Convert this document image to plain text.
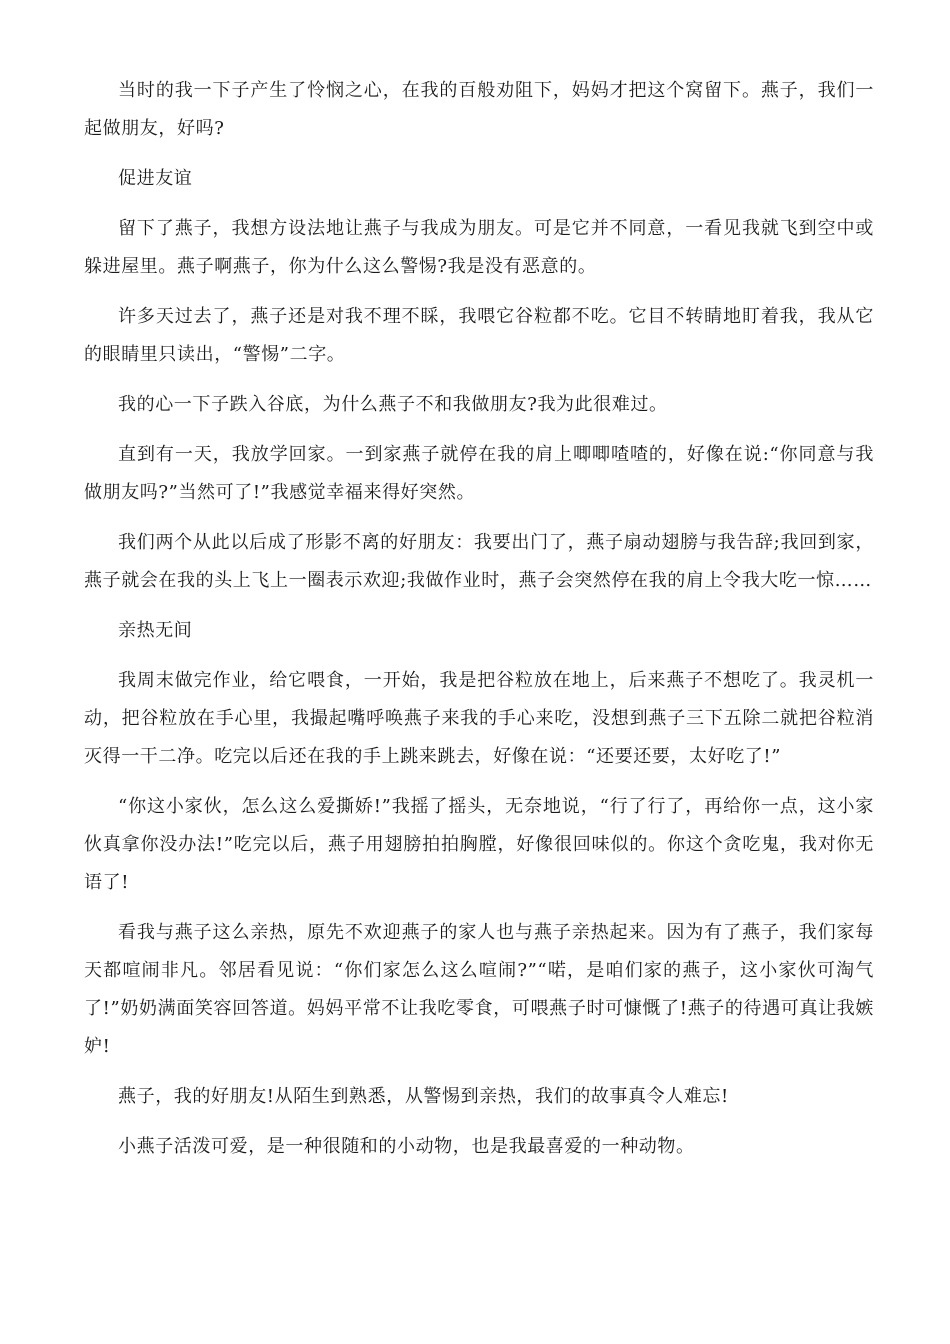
当时的我一下子产生了怜悯之心，在我的百般劝阻下，妈妈才把这个窝留下。燕子，我们一起做朋友，好吗?

促进友谊

留下了燕子，我想方设法地让燕子与我成为朋友。可是它并不同意，一看见我就飞到空中或躲进屋里。燕子啊燕子，你为什么这么警惕?我是没有恶意的。

许多天过去了，燕子还是对我不理不睬，我喂它谷粒都不吃。它目不转睛地盯着我，我从它的眼睛里只读出，“警惕”二字。

我的心一下子跌入谷底，为什么燕子不和我做朋友?我为此很难过。

直到有一天，我放学回家。一到家燕子就停在我的肩上唧唧喳喳的，好像在说:“你同意与我做朋友吗?”当然可了!”我感觉幸福来得好突然。

我们两个从此以后成了形影不离的好朋友：我要出门了，燕子扇动翅膀与我告辞;我回到家，燕子就会在我的头上飞上一圈表示欢迎;我做作业时，燕子会突然停在我的肩上令我大吃一惊……

亲热无间

我周末做完作业，给它喂食，一开始，我是把谷粒放在地上，后来燕子不想吃了。我灵机一动，把谷粒放在手心里，我撮起嘴呼唤燕子来我的手心来吃，没想到燕子三下五除二就把谷粒消灭得一干二净。吃完以后还在我的手上跳来跳去，好像在说：“还要还要，太好吃了!”

“你这小家伙，怎么这么爱撕娇!”我摇了摇头，无奈地说，“行了行了，再给你一点，这小家伙真拿你没办法!”吃完以后，燕子用翅膀拍拍胸膛，好像很回味似的。你这个贪吃鬼，我对你无语了!

看我与燕子这么亲热，原先不欢迎燕子的家人也与燕子亲热起来。因为有了燕子，我们家每天都喧闹非凡。邻居看见说：“你们家怎么这么喧闹?”“喏，是咱们家的燕子，这小家伙可淘气了!”奶奶满面笑容回答道。妈妈平常不让我吃零食，可喂燕子时可慷慨了!燕子的待遇可真让我嫉妒!

燕子，我的好朋友!从陌生到熟悉，从警惕到亲热，我们的故事真令人难忘!

小燕子活泼可爱，是一种很随和的小动物，也是我最喜爱的一种动物。
